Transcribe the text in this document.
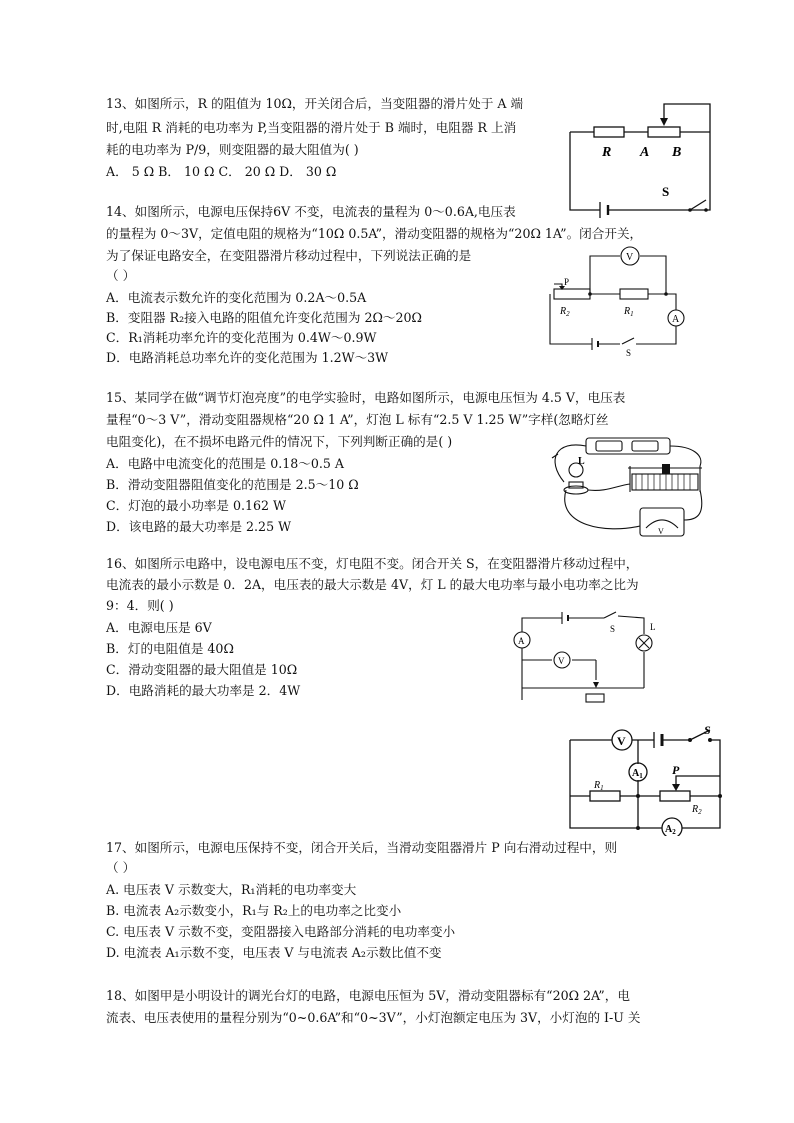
13、如图所示，R 的阻值为 10Ω，开关闭合后，当变阻器的滑片处于 A 端
时,电阻 R 消耗的电功率为 P,当变阻器的滑片处于 B 端时，电阻器 R 上消
耗的电功率为 P/9，则变阻器的最大阻值为( )
A． 5 Ω B． 10 Ω C． 20 Ω D． 30 Ω
R A B
S
14、如图所示，电源电压保持6V 不变，电流表的量程为 0～0.6A,电压表
的量程为 0～3V，定值电阻的规格为“10Ω 0.5A”，滑动变阻器的规格为“20Ω 1A”。闭合开关，
为了保证电路安全，在变阻器滑片移动过程中，下列说法正确的是
（ ）
A．电流表示数允许的变化范围为 0.2A～0.5A
B．变阻器 R₂接入电路的阻值允许变化范围为 2Ω～20Ω
C．R₁消耗功率允许的变化范围为 0.4W～0.9W
D．电路消耗总功率允许的变化范围为 1.2W～3W
V
A
P
$R_2$	$R_1$
S
15、某同学在做“调节灯泡亮度”的电学实验时，电路如图所示，电源电压恒为 4.5 V，电压表
量程“0～3 V”，滑动变阻器规格“20 Ω 1 A”，灯泡 L 标有“2.5 V 1.25 W”字样(忽略灯丝
电阻变化)，在不损坏电路元件的情况下，下列判断正确的是( )
A．电路中电流变化的范围是 0.18～0.5 A
B．滑动变阻器阻值变化的范围是 2.5～10 Ω
C．灯泡的最小功率是 0.162 W
D．该电路的最大功率是 2.25 W
L
V
16、如图所示电路中，设电源电压不变，灯电阻不变。闭合开关 S，在变阻器滑片移动过程中，
电流表的最小示数是 0．2A，电压表的最大示数是 4V，灯 L 的最大电功率与最小电功率之比为
9：4．则( )
A．电源电压是 6V
B．灯的电阻值是 40Ω
C．滑动变阻器的最大阻值是 10Ω
D．电路消耗的最大功率是 2．4W
A
S	L
V
V
S
$A_1$ P
$R_1$
$R_2$
$A_2$
17、如图所示，电源电压保持不变，闭合开关后，当滑动变阻器滑片 P 向右滑动过程中，则
（ ）
A. 电压表 V 示数变大，R₁消耗的电功率变大
B. 电流表 A₂示数变小，R₁与 R₂上的电功率之比变小
C. 电压表 V 示数不变，变阻器接入电路部分消耗的电功率变小
D. 电流表 A₁示数不变，电压表 V 与电流表 A₂示数比值不变
18、如图甲是小明设计的调光台灯的电路，电源电压恒为 5V，滑动变阻器标有“20Ω 2A”，电
流表、电压表使用的量程分别为“0~0.6A”和“0~3V”，小灯泡额定电压为 3V，小灯泡的 I-U 关
